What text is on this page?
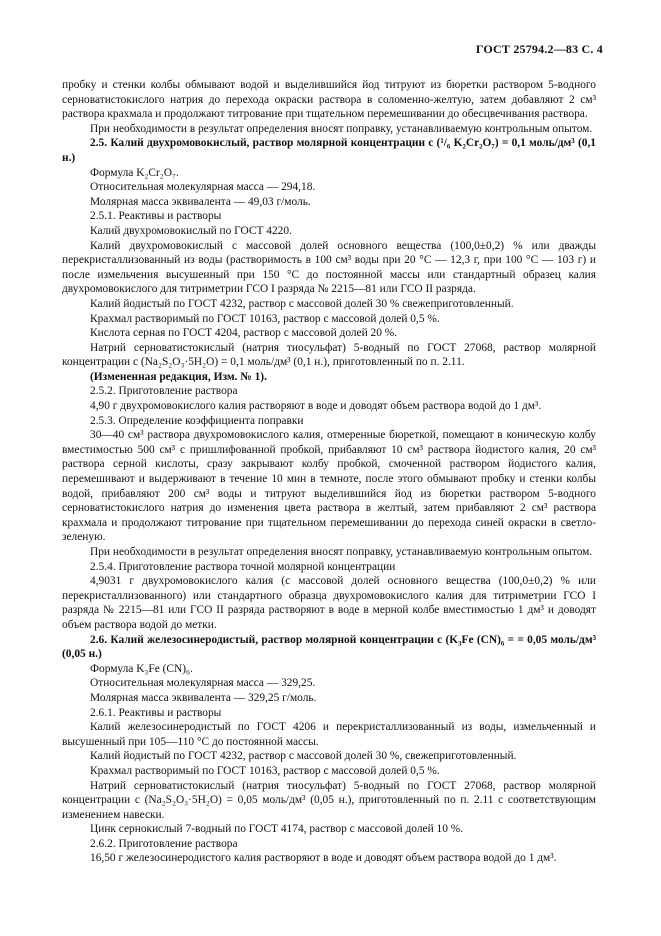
ГОСТ 25794.2—83 С. 4

пробку и стенки колбы обмывают водой и выделившийся йод титруют из бюретки раствором 5-водного серноватистокислого натрия до перехода окраски раствора в соломенно-желтую, затем добавляют 2 см³ раствора крахмала и продолжают титрование при тщательном перемешивании до обесцвечивания раствора.

При необходимости в результат определения вносят поправку, устанавливаемую контрольным опытом.

2.5. Калий двухромовокислый, раствор молярной концентрации c (¹/₆ K₂Cr₂O₇) = 0,1 моль/дм³ (0,1 н.)

Формула K₂Cr₂O₇.

Относительная молекулярная масса — 294,18.

Молярная масса эквивалента — 49,03 г/моль.

2.5.1. Реактивы и растворы

Калий двухромовокислый по ГОСТ 4220.

Калий двухромовокислый с массовой долей основного вещества (100,0±0,2) % или дважды перекристаллизованный из воды (растворимость в 100 см³ воды при 20 °С — 12,3 г, при 100 °С — 103 г) и после измельчения высушенный при 150 °С до постоянной массы или стандартный образец калия двухромовокислого для титриметрии ГСО I разряда № 2215—81 или ГСО II разряда.

Калий йодистый по ГОСТ 4232, раствор с массовой долей 30 % свежеприготовленный.

Крахмал растворимый по ГОСТ 10163, раствор с массовой долей 0,5 %.

Кислота серная по ГОСТ 4204, раствор с массовой долей 20 %.

Натрий серноватистокислый (натрия тиосульфат) 5-водный по ГОСТ 27068, раствор молярной концентрации c (Na₂S₂O₃·5H₂O) = 0,1 моль/дм³ (0,1 н.), приготовленный по п. 2.11.

(Измененная редакция, Изм. № 1).

2.5.2. Приготовление раствора

4,90 г двухромовокислого калия растворяют в воде и доводят объем раствора водой до 1 дм³.

2.5.3. Определение коэффициента поправки

30—40 см³ раствора двухромовокислого калия, отмеренные бюреткой, помещают в коническую колбу вместимостью 500 см³ с пришлифованной пробкой, прибавляют 10 см³ раствора йодистого калия, 20 см³ раствора серной кислоты, сразу закрывают колбу пробкой, смоченной раствором йодистого калия, перемешивают и выдерживают в течение 10 мин в темноте, после этого обмывают пробку и стенки колбы водой, прибавляют 200 см³ воды и титруют выделившийся йод из бюретки раствором 5-водного серноватистокислого натрия до изменения цвета раствора в желтый, затем прибавляют 2 см³ раствора крахмала и продолжают титрование при тщательном перемешивании до перехода синей окраски в светло-зеленую.

При необходимости в результат определения вносят поправку, устанавливаемую контрольным опытом.

2.5.4. Приготовление раствора точной молярной концентрации

4,9031 г двухромовокислого калия (с массовой долей основного вещества (100,0±0,2) % или перекристаллизованного) или стандартного образца двухромовокислого калия для титриметрии ГСО I разряда № 2215—81 или ГСО II разряда растворяют в воде в мерной колбе вместимостью 1 дм³ и доводят объем раствора водой до метки.

2.6. Калий железосинеродистый, раствор молярной концентрации c (K₃Fe (CN)₆ = = 0,05 моль/дм³ (0,05 н.)

Формула K₃Fe (CN)₆.

Относительная молекулярная масса — 329,25.

Молярная масса эквивалента — 329,25 г/моль.

2.6.1. Реактивы и растворы

Калий железосинеродистый по ГОСТ 4206 и перекристаллизованный из воды, измельченный и высушенный при 105—110 °С до постоянной массы.

Калий йодистый по ГОСТ 4232, раствор с массовой долей 30 %, свежеприготовленный.

Крахмал растворимый по ГОСТ 10163, раствор с массовой долей 0,5 %.

Натрий серноватистокислый (натрия тиосульфат) 5-водный по ГОСТ 27068, раствор молярной концентрации c (Na₂S₂O₃·5H₂O) = 0,05 моль/дм³ (0,05 н.), приготовленный по п. 2.11 с соответствующим изменением навески.

Цинк сернокислый 7-водный по ГОСТ 4174, раствор с массовой долей 10 %.

2.6.2. Приготовление раствора

16,50 г железосинеродистого калия растворяют в воде и доводят объем раствора водой до 1 дм³.
